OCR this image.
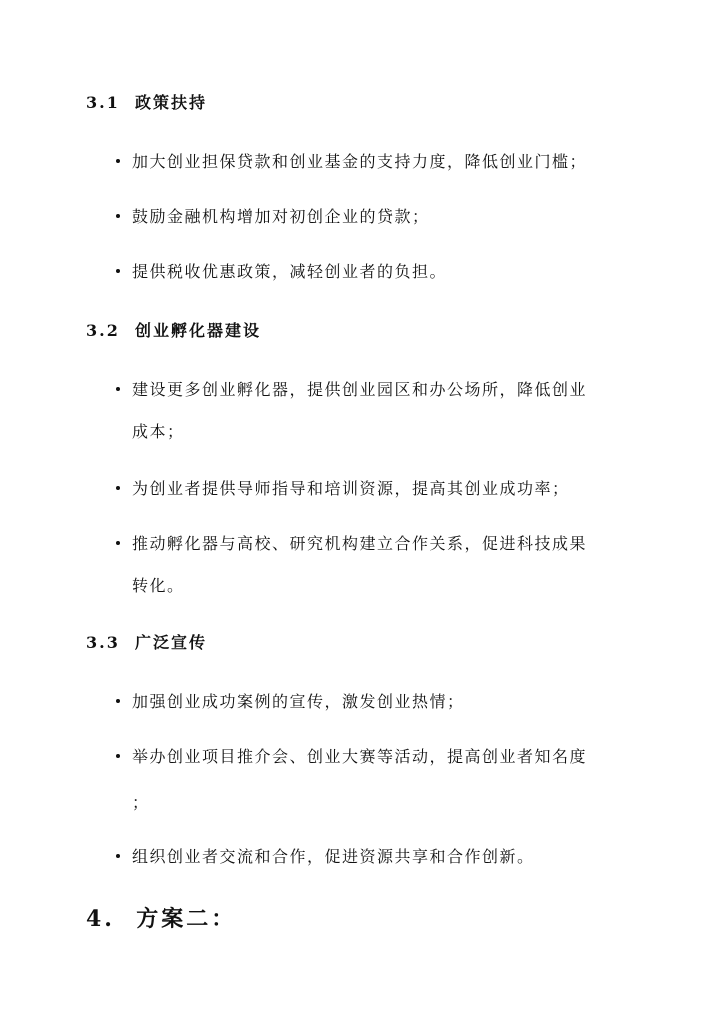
3.1 政策扶持
加大创业担保贷款和创业基金的支持力度，降低创业门槛；
鼓励金融机构增加对初创企业的贷款；
提供税收优惠政策，减轻创业者的负担。
3.2 创业孵化器建设
建设更多创业孵化器，提供创业园区和办公场所，降低创业
成本；
为创业者提供导师指导和培训资源，提高其创业成功率；
推动孵化器与高校、研究机构建立合作关系，促进科技成果
转化。
3.3 广泛宣传
加强创业成功案例的宣传，激发创业热情；
举办创业项目推介会、创业大赛等活动，提高创业者知名度
；
组织创业者交流和合作，促进资源共享和合作创新。
4. 方案二：
